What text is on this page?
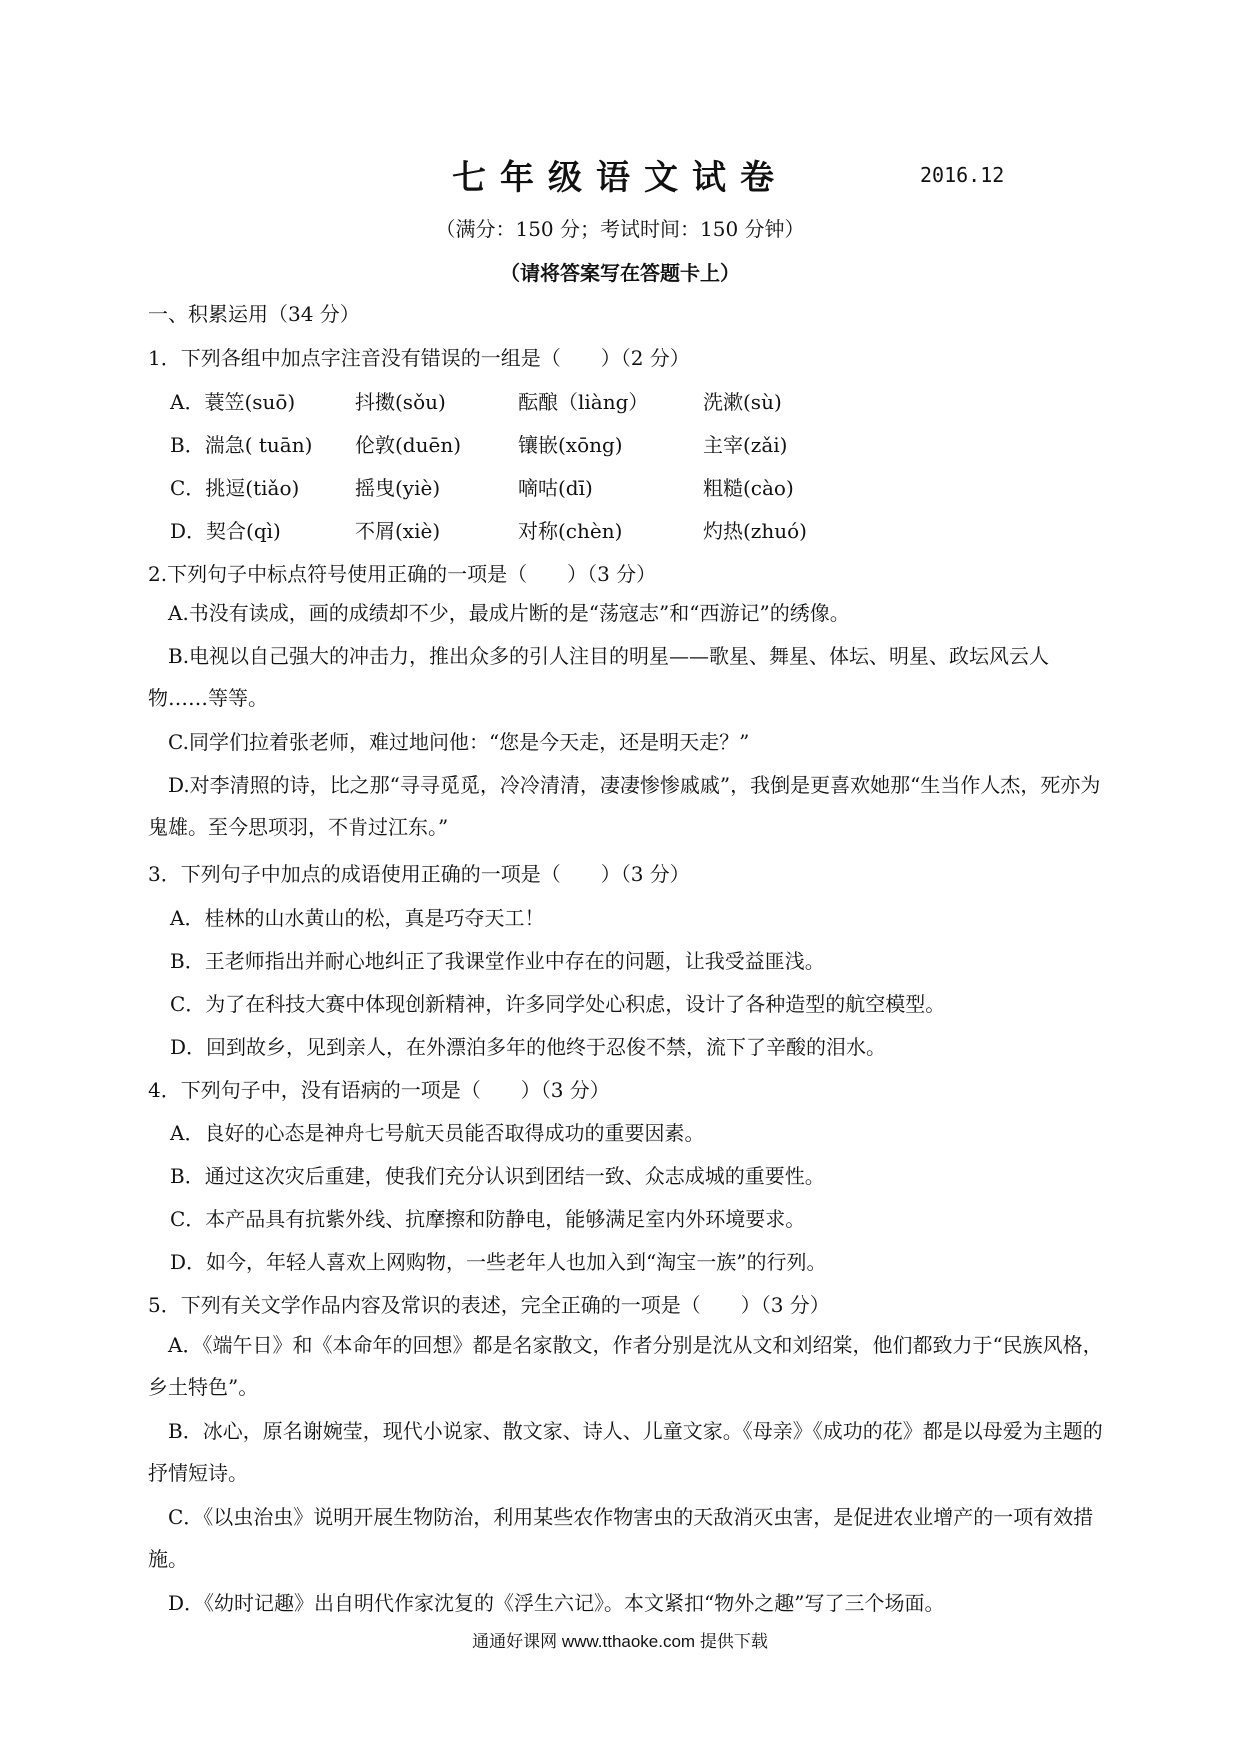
七年级语文试卷	2016.12
（满分：150 分；考试时间：150 分钟）
（请将答案写在答题卡上）
一、积累运用（34 分）
1．下列各组中加点字注音没有错误的一组是（　　）（2 分）
A．蓑笠(suō)	抖擞(sǒu)	酝酿（liàng）	洗漱(sù)
B．湍急( tuān) 伦敦(duēn)	镶嵌(xōng)	主宰(zǎi)
C．挑逗(tiǎo)	摇曳(yiè)	嘀咕(dī)	粗糙(cào)
D．契合(qì)	不屑(xiè)	对称(chèn)	灼热(zhuó)
2.下列句子中标点符号使用正确的一项是（　　）（3 分）
A.书没有读成，画的成绩却不少，最成片断的是“荡寇志”和“西游记”的绣像。
B.电视以自己强大的冲击力，推出众多的引人注目的明星——歌星、舞星、体坛、明星、政坛风云人物……等等。
C.同学们拉着张老师，难过地问他：“您是今天走，还是明天走？”
D.对李清照的诗，比之那“寻寻觅觅，冷冷清清，凄凄惨惨戚戚”，我倒是更喜欢她那“生当作人杰，死亦为鬼雄。至今思项羽，不肯过江东。”
3．下列句子中加点的成语使用正确的一项是（　　）（3 分）
A．桂林的山水黄山的松，真是巧夺天工！
B．王老师指出并耐心地纠正了我课堂作业中存在的问题，让我受益匪浅。
C．为了在科技大赛中体现创新精神，许多同学处心积虑，设计了各种造型的航空模型。
D．回到故乡，见到亲人，在外漂泊多年的他终于忍俊不禁，流下了辛酸的泪水。
4．下列句子中，没有语病的一项是（　　）（3 分）
A．良好的心态是神舟七号航天员能否取得成功的重要因素。
B．通过这次灾后重建，使我们充分认识到团结一致、众志成城的重要性。
C．本产品具有抗紫外线、抗摩擦和防静电，能够满足室内外环境要求。
D．如今，年轻人喜欢上网购物，一些老年人也加入到“淘宝一族”的行列。
5．下列有关文学作品内容及常识的表述，完全正确的一项是（　　）（3 分）
A．《端午日》和《本命年的回想》都是名家散文，作者分别是沈从文和刘绍棠，他们都致力于“民族风格，乡土特色”。
B．冰心，原名谢婉莹，现代小说家、散文家、诗人、儿童文家。《母亲》《成功的花》都是以母爱为主题的抒情短诗。
C．《以虫治虫》说明开展生物防治，利用某些农作物害虫的天敌消灭虫害，是促进农业增产的一项有效措施。
D．《幼时记趣》出自明代作家沈复的《浮生六记》。本文紧扣“物外之趣”写了三个场面。
通通好课网 www.tthaoke.com 提供下载
